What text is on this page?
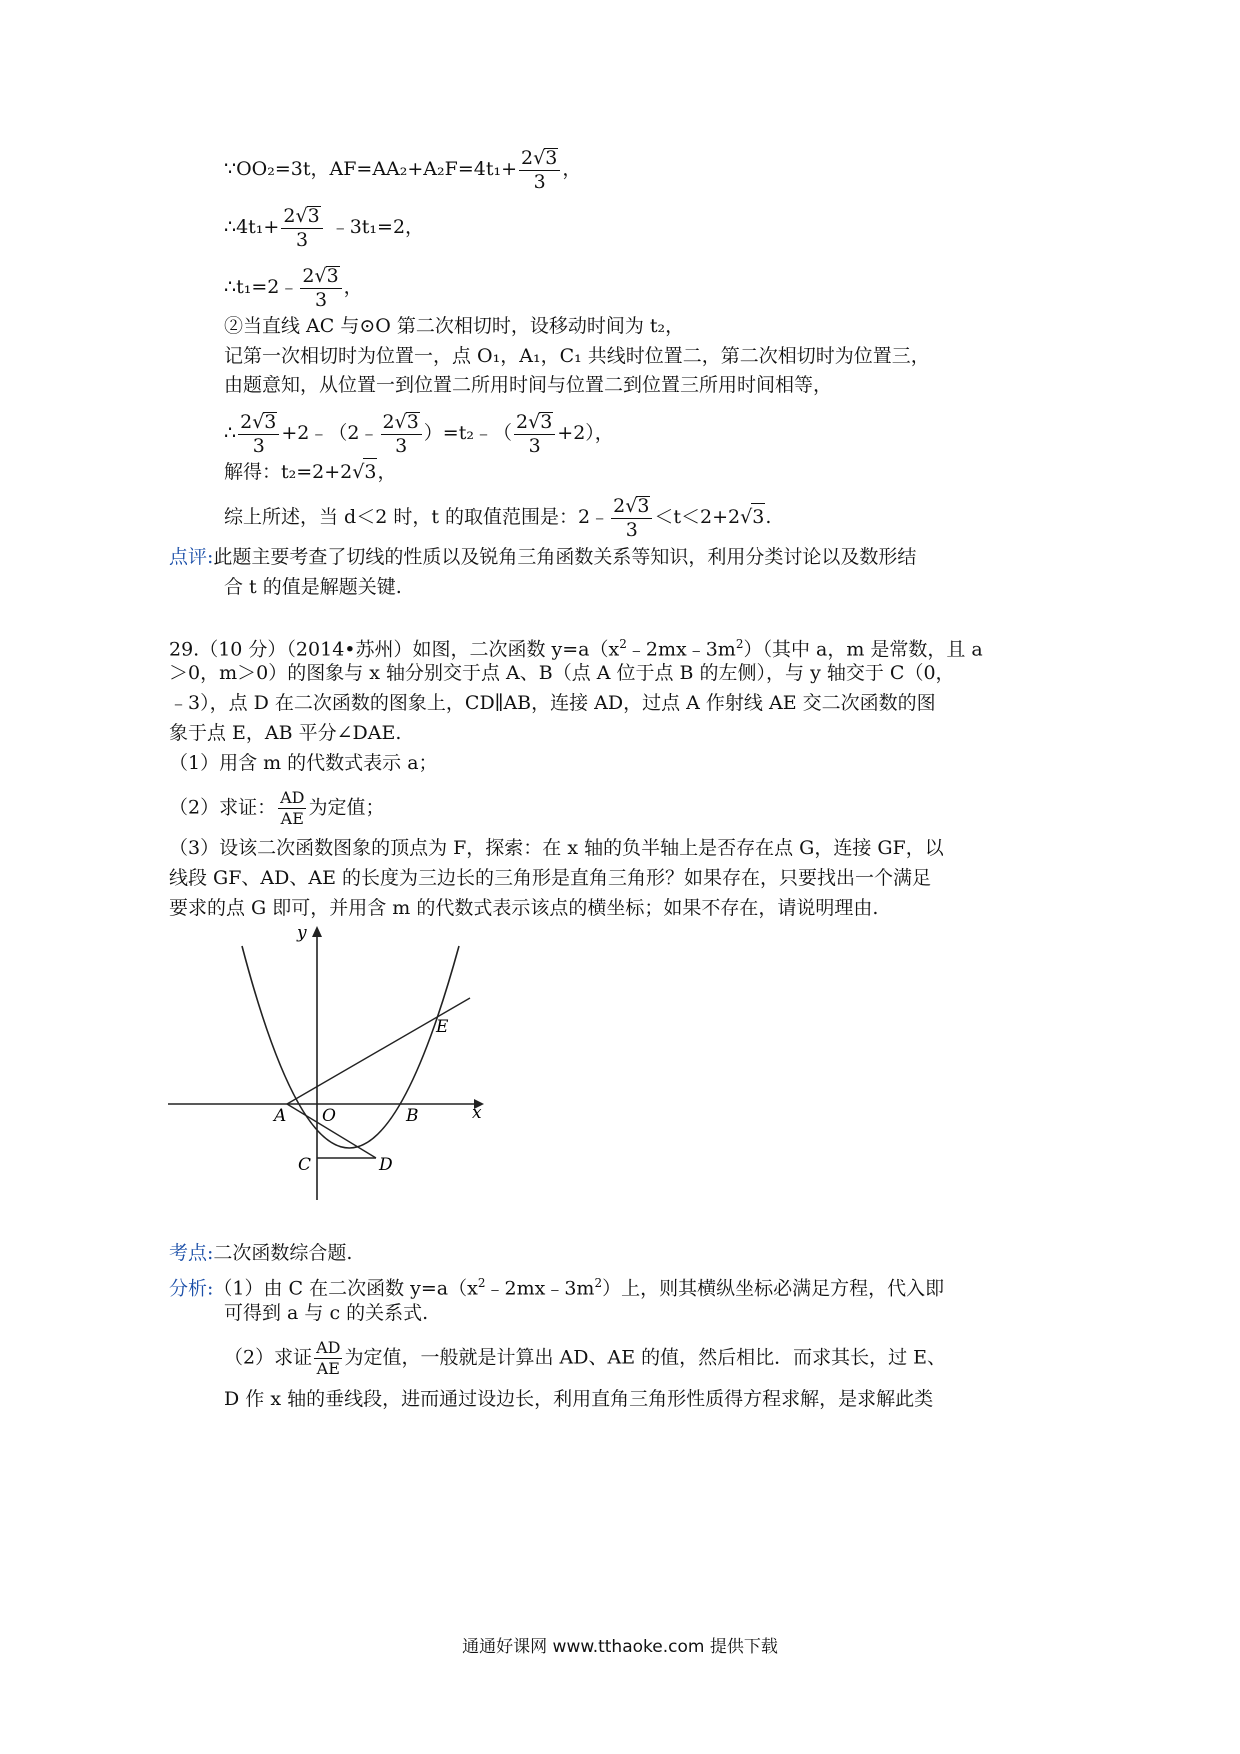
∵OO₂=3t，$AF=AA_2+A_2F=4t_1+ \frac{2√3}{3}$ ，
∴4t₁+ $\frac{2√3}{3}$ ﹣3t₁=2，
∴t₁=2﹣ $\frac{2√3}{3}$ ，
②当直线 AC 与⊙O 第二次相切时，设移动时间为 t₂，
记第一次相切时为位置一，点 O₁，A₁，C₁ 共线时位置二，第二次相切时为位置三，
由题意知，从位置一到位置二所用时间与位置二到位置三所用时间相等，
∴ $\frac{2√3}{3}$ +2﹣（2﹣ $\frac{2√3}{3}$ ）=t₂﹣（ $\frac{2√3}{3} +2$），
解得：t₂=2+2√3，
综上所述，当 d＜2 时，t 的取值范围是：2﹣ $\frac{2√3}{3} <t<2+2√3$.
点评:此题主要考查了切线的性质以及锐角三角函数关系等知识，利用分类讨论以及数形结
合 t 的值是解题关键.
29.（10 分）（2014•苏州）如图，二次函数 $y=a(x^2﹣2mx﹣3m^2)$（其中 a，m 是常数，且 a
＞0，m＞0）的图象与 x 轴分别交于点 A、B（点 A 位于点 B 的左侧），与 y 轴交于 C（0，
﹣3），点 D 在二次函数的图象上，CD∥AB，连接 AD，过点 A 作射线 AE 交二次函数的图
象于点 E，AB 平分∠DAE.
（1）用含 m 的代数式表示 a；
（2）求证： $\frac{AD}{AE}$ 为定值；
（3）设该二次函数图象的顶点为 F，探索：在 x 轴的负半轴上是否存在点 G，连接 GF，以
线段 GF、AD、AE 的长度为三边长的三角形是直角三角形？如果存在，只要找出一个满足
要求的点 G 即可，并用含 m 的代数式表示该点的横坐标；如果不存在，请说明理由.
y
x
A O	B
C	D
E
考点:二次函数综合题.
分析:（1）由 C 在二次函数 $y=a(x^2﹣2mx﹣3m^2)$上，则其横纵坐标必满足方程，代入即
可得到 a 与 c 的关系式.
（2）求证 $\frac{AD}{AE}$ 为定值，一般就是计算出 AD、AE 的值，然后相比．而求其长，过 E、
D 作 x 轴的垂线段，进而通过设边长，利用直角三角形性质得方程求解，是求解此类
通通好课网 www.tthaoke.com 提供下载
